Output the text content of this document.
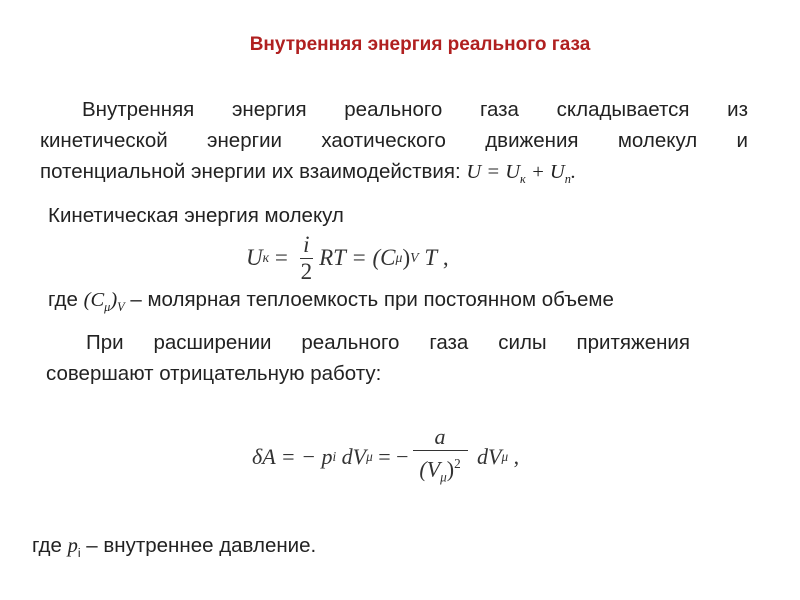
Внутренняя энергия реального газа
Внутренняя энергия реального газа складывается из
кинетической энергии хаотического движения молекул и
потенциальной энергии их взаимодействия: $U = U_к + U_п$.
Кинетическая энергия молекул
U $к = \frac{i}{2}$ RT = (C μ ) V T ,
где $(C_\mu)_V$ – молярная теплоемкость при постоянном объеме
При расширении реального газа силы притяжения
совершают отрицательную работу:
δA = − p i dV μ = − $\frac{a}{(V_\mu)^2}$ dV μ ,
где $p_i$ – внутреннее давление.
